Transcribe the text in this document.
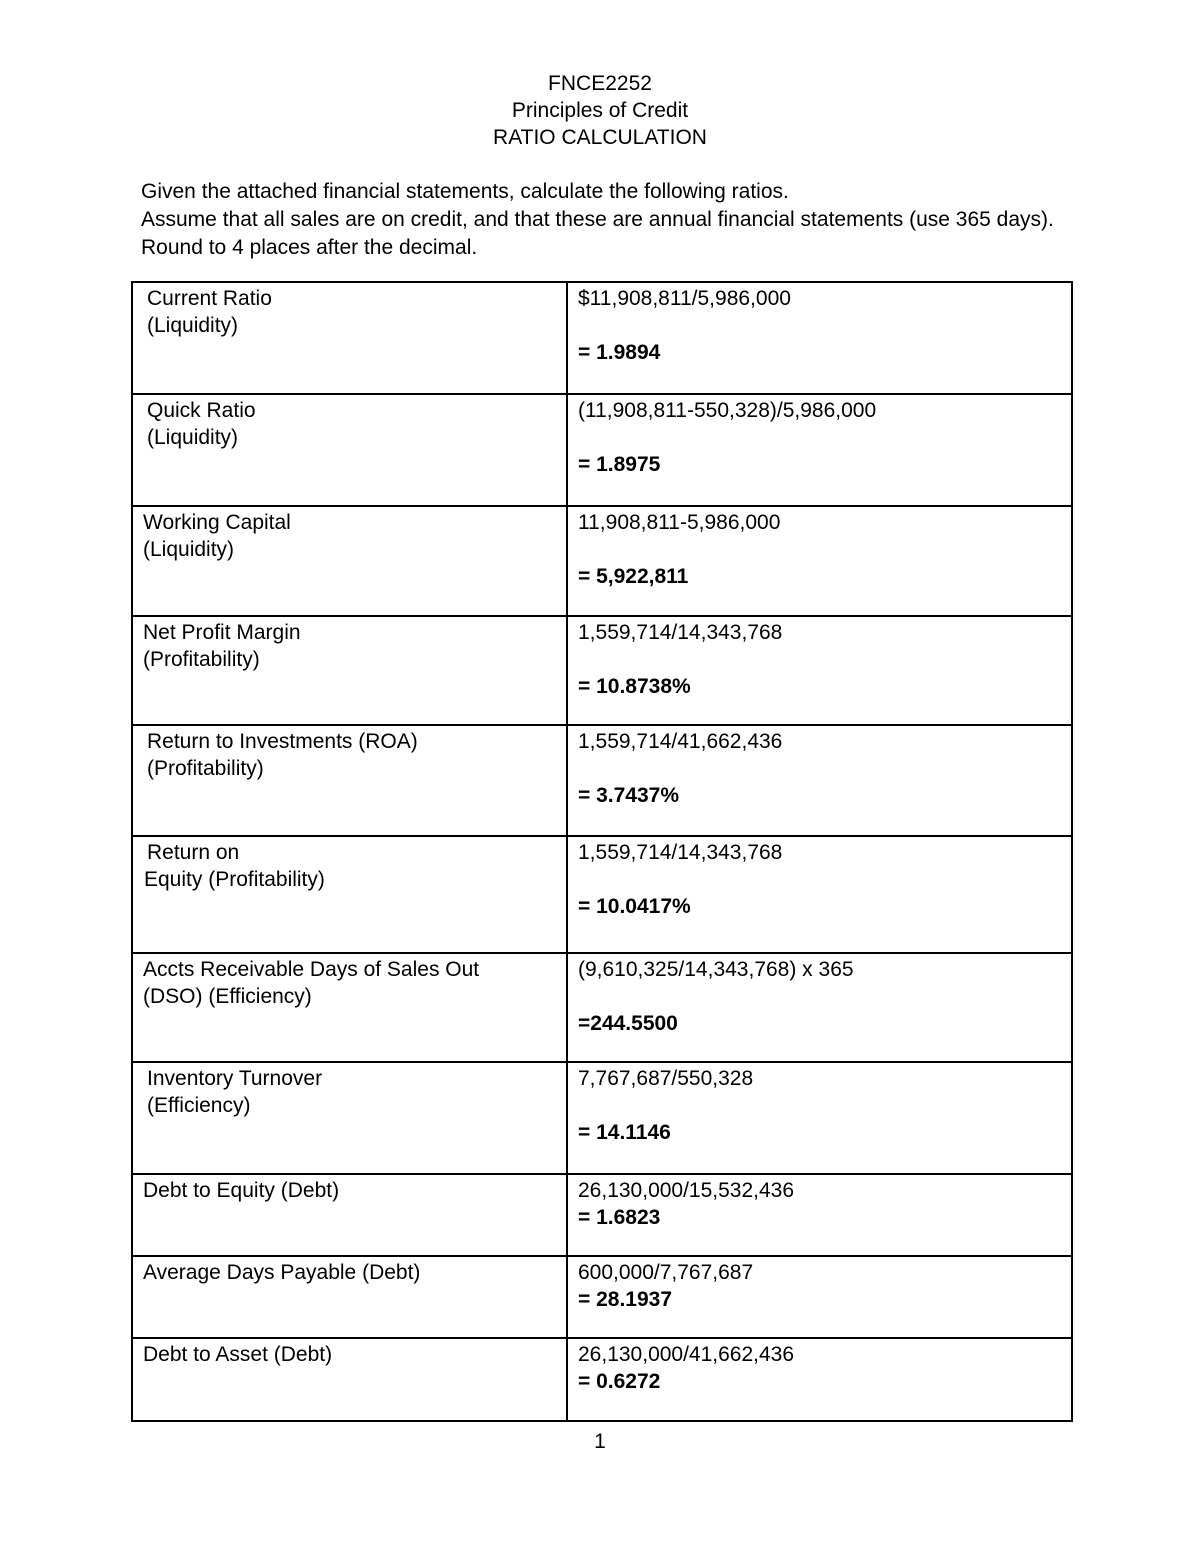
FNCE2252
Principles of Credit
RATIO CALCULATION

Given the attached financial statements, calculate the following ratios.

Assume that all sales are on credit, and that these are annual financial statements (use 365 days). Round to 4 places after the decimal.

Current Ratio
(Liquidity)	$11,908,811/5,986,000
= 1.9894

Quick Ratio
(Liquidity)	(11,908,811-550,328)/5,986,000
= 1.8975

Working Capital
(Liquidity)	11,908,811-5,986,000
= 5,922,811

Net Profit Margin
(Profitability)	1,559,714/14,343,768
= 10.8738%

Return to Investments (ROA)
(Profitability)	1,559,714/41,662,436
= 3.7437%

Return on
Equity (Profitability)	1,559,714/14,343,768
= 10.0417%

Accts Receivable Days of Sales Out
(DSO) (Efficiency)	(9,610,325/14,343,768) x 365
=244.5500

Inventory Turnover
(Efficiency)	7,767,687/550,328
= 14.1146

Debt to Equity (Debt)	26,130,000/15,532,436
= 1.6823

Average Days Payable (Debt)	600,000/7,767,687
= 28.1937

Debt to Asset (Debt)	26,130,000/41,662,436
= 0.6272
1
